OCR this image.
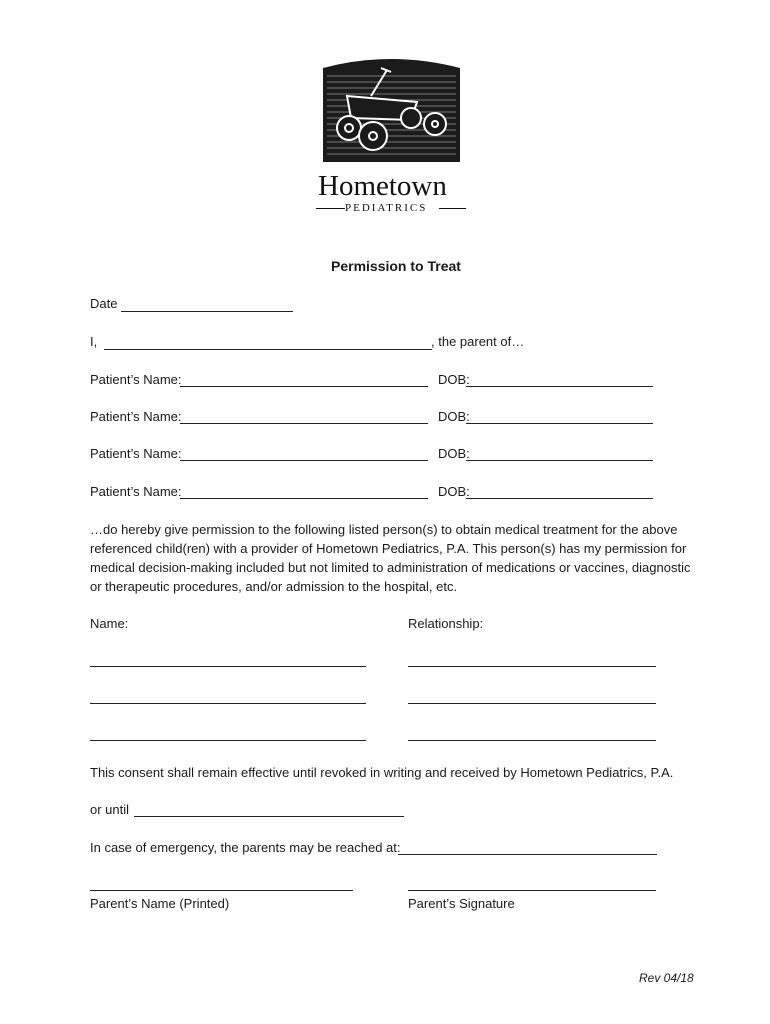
Hometown
PEDIATRICS
Permission to Treat
Date
I,	, the parent of…
Patient’s Name:	DOB:
Patient’s Name:	DOB:
Patient’s Name:	DOB:
Patient’s Name:	DOB:
…do hereby give permission to the following listed person(s) to obtain medical treatment for the above referenced child(ren) with a provider of Hometown Pediatrics, P.A. This person(s) has my permission for medical decision-making included but not limited to administration of medications or vaccines, diagnostic or therapeutic procedures, and/or admission to the hospital, etc.
Name:	Relationship:
This consent shall remain effective until revoked in writing and received by Hometown Pediatrics, P.A.
or until
In case of emergency, the parents may be reached at:
Parent’s Name (Printed)	Parent’s Signature
Rev 04/18
